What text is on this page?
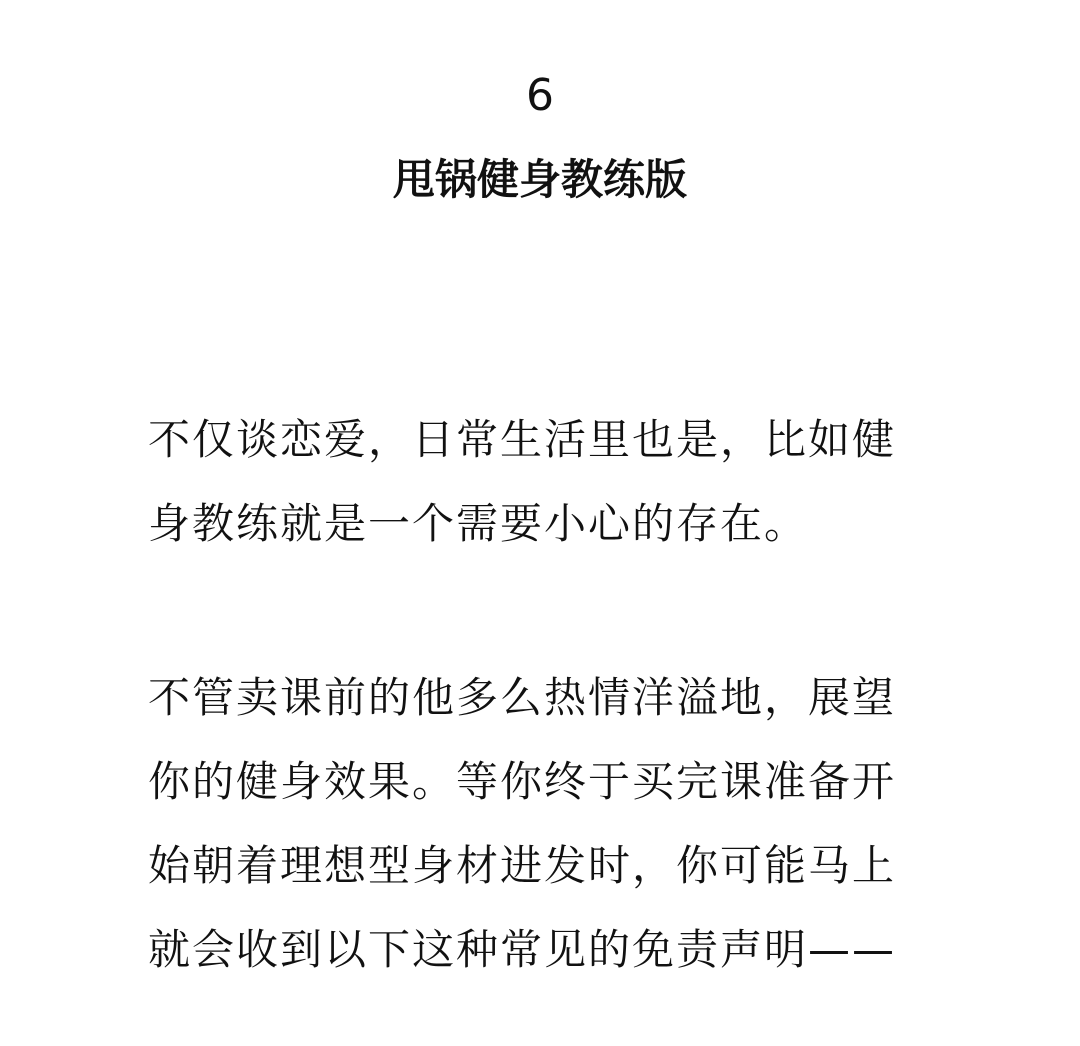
6
甩锅健身教练版

不仅谈恋爱，日常生活里也是，比如健
身教练就是一个需要小心的存在。

不管卖课前的他多么热情洋溢地，展望
你的健身效果。等你终于买完课准备开
始朝着理想型身材进发时，你可能马上
就会收到以下这种常见的免责声明——
